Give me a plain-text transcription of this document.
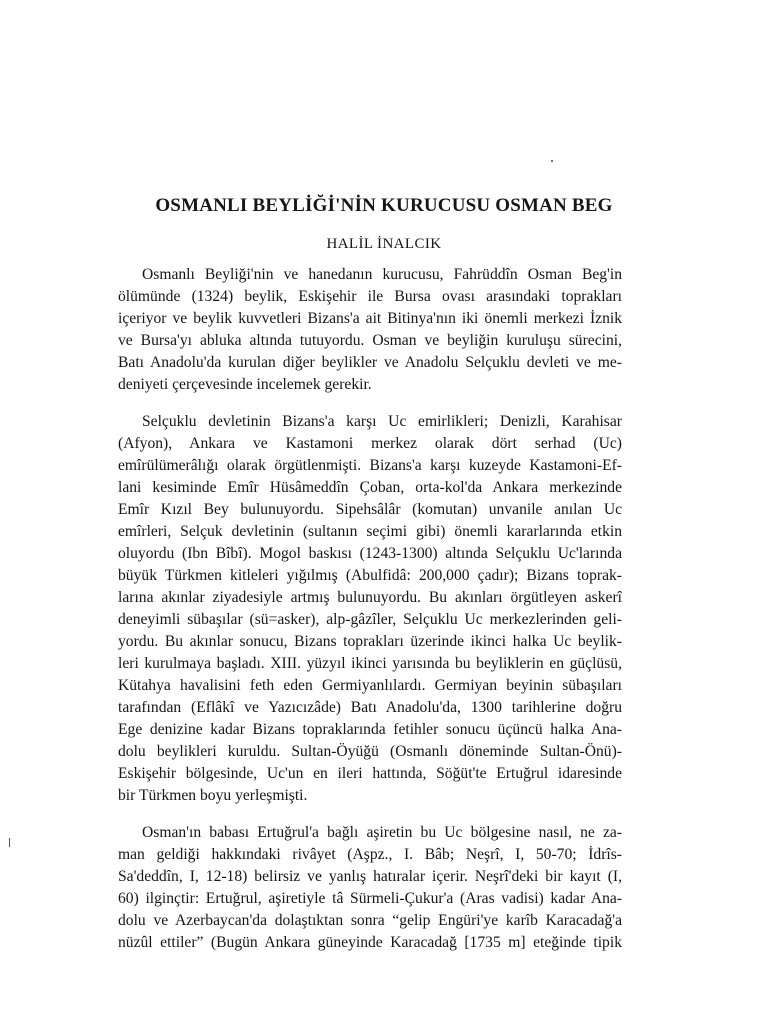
OSMANLI BEYLİĞİ'NİN KURUCUSU OSMAN BEG
HALİL İNALCIK

Osmanlı Beyliği'nin ve hanedanın kurucusu, Fahrüddîn Osman Beg'in
ölümünde (1324) beylik, Eskişehir ile Bursa ovası arasındaki toprakları
içeriyor ve beylik kuvvetleri Bizans'a ait Bitinya'nın iki önemli merkezi İznik
ve Bursa'yı abluka altında tutuyordu. Osman ve beyliğin kuruluşu sürecini,
Batı Anadolu'da kurulan diğer beylikler ve Anadolu Selçuklu devleti ve me-
deniyeti çerçevesinde incelemek gerekir.

Selçuklu devletinin Bizans'a karşı Uc emirlikleri; Denizli, Karahisar
(Afyon), Ankara ve Kastamoni merkez olarak dört serhad (Uc)
emîrülümerâlığı olarak örgütlenmişti. Bizans'a karşı kuzeyde Kastamoni-Ef-
lani kesiminde Emîr Hüsâmeddîn Çoban, orta-kol'da Ankara merkezinde
Emîr Kızıl Bey bulunuyordu. Sipehsâlâr (komutan) unvanile anılan Uc
emîrleri, Selçuk devletinin (sultanın seçimi gibi) önemli kararlarında etkin
oluyordu (Ibn Bîbî). Mogol baskısı (1243-1300) altında Selçuklu Uc'larında
büyük Türkmen kitleleri yığılmış (Abulfidâ: 200,000 çadır); Bizans toprak-
larına akınlar ziyadesiyle artmış bulunuyordu. Bu akınları örgütleyen askerî
deneyimli sübaşılar (sü=asker), alp-gâzîler, Selçuklu Uc merkezlerinden geli-
yordu. Bu akınlar sonucu, Bizans toprakları üzerinde ikinci halka Uc beylik-
leri kurulmaya başladı. XIII. yüzyıl ikinci yarısında bu beyliklerin en güçlüsü,
Kütahya havalisini feth eden Germiyanlılardı. Germiyan beyinin sübaşıları
tarafından (Eflâkî ve Yazıcızâde) Batı Anadolu'da, 1300 tarihlerine doğru
Ege denizine kadar Bizans topraklarında fetihler sonucu üçüncü halka Ana-
dolu beylikleri kuruldu. Sultan-Öyüğü (Osmanlı döneminde Sultan-Önü)-
Eskişehir bölgesinde, Uc'un en ileri hattında, Söğüt'te Ertuğrul idaresinde
bir Türkmen boyu yerleşmişti.

Osman'ın babası Ertuğrul'a bağlı aşiretin bu Uc bölgesine nasıl, ne za-
man geldiği hakkındaki rivâyet (Aşpz., I. Bâb; Neşrî, I, 50-70; İdrîs-
Sa'deddîn, I, 12-18) belirsiz ve yanlış hatıralar içerir. Neşrî'deki bir kayıt (I,
60) ilginçtir: Ertuğrul, aşiretiyle tâ Sürmeli-Çukur'a (Aras vadisi) kadar Ana-
dolu ve Azerbaycan'da dolaştıktan sonra “gelip Engüri'ye karîb Karacadağ'a
nüzûl ettiler” (Bugün Ankara güneyinde Karacadağ [1735 m] eteğinde tipik
